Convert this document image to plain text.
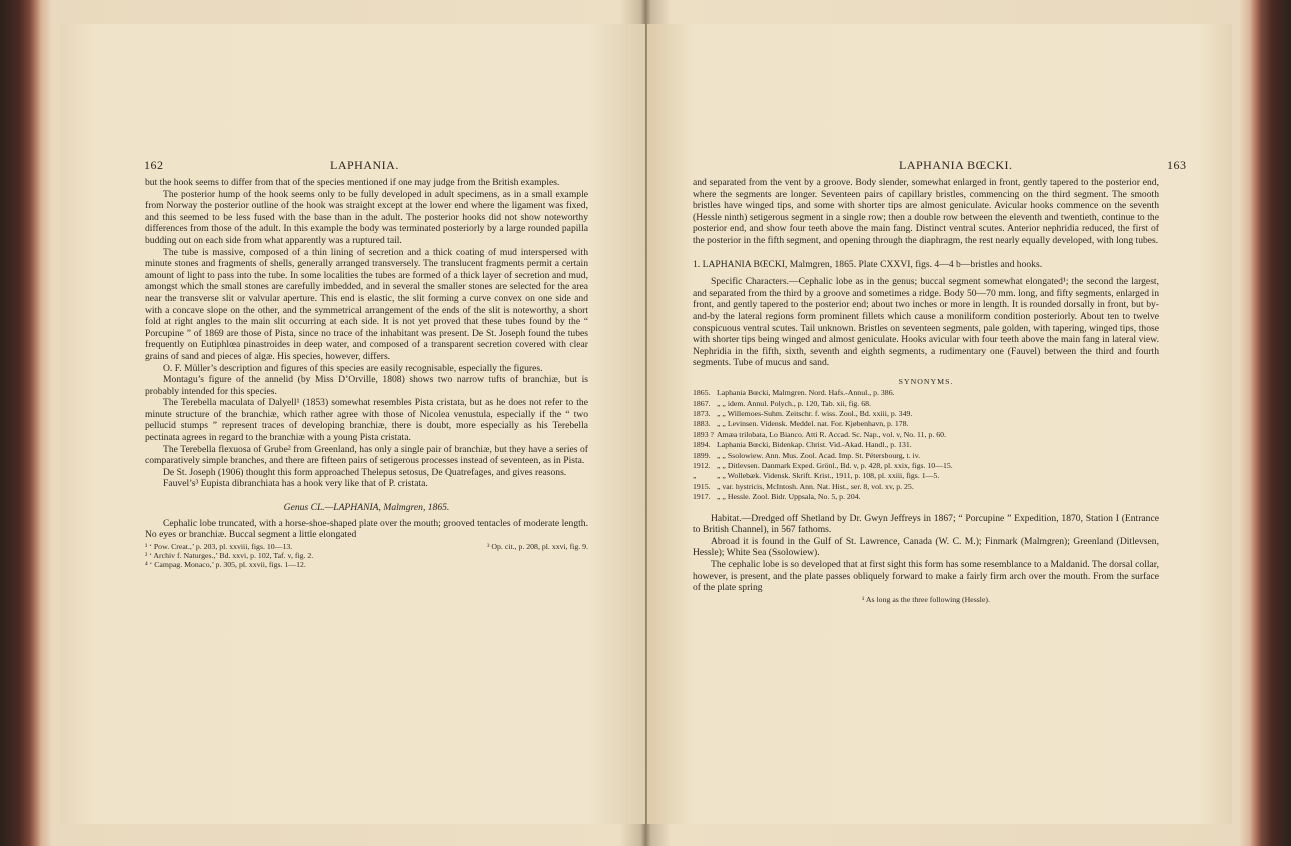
162	LAPHANIA.

but the hook seems to differ from that of the species mentioned if one may judge from the British examples.

The posterior hump of the hook seems only to be fully developed in adult specimens, as in a small example from Norway the posterior outline of the hook was straight except at the lower end where the ligament was fixed, and this seemed to be less fused with the base than in the adult. The posterior hooks did not show noteworthy differences from those of the adult. In this example the body was terminated posteriorly by a large rounded papilla budding out on each side from what apparently was a ruptured tail.

The tube is massive, composed of a thin lining of secretion and a thick coating of mud interspersed with minute stones and fragments of shells, generally arranged transversely. The translucent fragments permit a certain amount of light to pass into the tube. In some localities the tubes are formed of a thick layer of secretion and mud, amongst which the small stones are carefully imbedded, and in several the smaller stones are selected for the area near the transverse slit or valvular aperture. This end is elastic, the slit forming a curve convex on one side and with a concave slope on the other, and the symmetrical arrangement of the ends of the slit is noteworthy, a short fold at right angles to the main slit occurring at each side. It is not yet proved that these tubes found by the “ Porcupine ” of 1869 are those of Pista, since no trace of the inhabitant was present. De St. Joseph found the tubes frequently on Eutiphlœa pinastroides in deep water, and composed of a transparent secretion covered with clear grains of sand and pieces of algæ. His species, however, differs.

O. F. Müller’s description and figures of this species are easily recognisable, especially the figures.

Montagu’s figure of the annelid (by Miss D’Orville, 1808) shows two narrow tufts of branchiæ, but is probably intended for this species.

The Terebella maculata of Dalyell¹ (1853) somewhat resembles Pista cristata, but as he does not refer to the minute structure of the branchiæ, which rather agree with those of Nicolea venustula, especially if the “ two pellucid stumps ” represent traces of developing branchiæ, there is doubt, more especially as his Terebella pectinata agrees in regard to the branchiæ with a young Pista cristata.

The Terebella flexuosa of Grube² from Greenland, has only a single pair of branchiæ, but they have a series of comparatively simple branches, and there are fifteen pairs of setigerous processes instead of seventeen, as in Pista.

De St. Joseph (1906) thought this form approached Thelepus setosus, De Quatrefages, and gives reasons.

Fauvel’s³ Eupista dibranchiata has a hook very like that of P. cristata.

Genus CL.—LAPHANIA, Malmgren, 1865.

Cephalic lobe truncated, with a horse-shoe-shaped plate over the mouth; grooved tentacles of moderate length. No eyes or branchiæ. Buccal segment a little elongated

¹ ‘ Pow. Creat.,’ p. 203, pl. xxviii, figs. 10—13.	³ Op. cit., p. 208, pl. xxvi, fig. 9.
² ‘ Archiv f. Naturges.,’ Bd. xxvi, p. 102, Taf. v, fig. 2.
⁴ ‘ Campag. Monaco,’ p. 305, pl. xxvii, figs. 1—12.
LAPHANIA BŒCKI.	163

and separated from the vent by a groove. Body slender, somewhat enlarged in front, gently tapered to the posterior end, where the segments are longer. Seventeen pairs of capillary bristles, commencing on the third segment. The smooth bristles have winged tips, and some with shorter tips are almost geniculate. Avicular hooks commence on the seventh (Hessle ninth) setigerous segment in a single row; then a double row between the eleventh and twentieth, continue to the posterior end, and show four teeth above the main fang. Distinct ventral scutes. Anterior nephridia reduced, the first of the posterior in the fifth segment, and opening through the diaphragm, the rest nearly equally developed, with long tubes.

1. LAPHANIA BŒCKI, Malmgren, 1865. Plate CXXVI, figs. 4—4 b—bristles and hooks.

Specific Characters.—Cephalic lobe as in the genus; buccal segment somewhat elongated¹; the second the largest, and separated from the third by a groove and sometimes a ridge. Body 50—70 mm. long, and fifty segments, enlarged in front, and gently tapered to the posterior end; about two inches or more in length. It is rounded dorsally in front, but by-and-by the lateral regions form prominent fillets which cause a moniliform condition posteriorly. About ten to twelve conspicuous ventral scutes. Tail unknown. Bristles on seventeen segments, pale golden, with tapering, winged tips, those with shorter tips being winged and almost geniculate. Hooks avicular with four teeth above the main fang in lateral view. Nephridia in the fifth, sixth, seventh and eighth segments, a rudimentary one (Fauvel) between the third and fourth segments. Tube of mucus and sand.

SYNONYMS.

1865. Laphania Bœcki, Malmgren. Nord. Hafs.-Annul., p. 386.
1867. „ „ idem. Annul. Polych., p. 120, Tab. xii, fig. 68.
1873. „ „ Willemoes-Suhm. Zeitschr. f. wiss. Zool., Bd. xxiii, p. 349.
1883. „ „ Levinsen. Vidensk. Meddel. nat. For. Kjøbenhavn, p. 178.
1893 ? Amæa trilobata, Lo Bianco. Atti R. Accad. Sc. Nap., vol. v, No. 11, p. 60.
1894. Laphania Bœcki, Bidenkap. Christ. Vid.-Akad. Handl., p. 131.
1899. „ „ Ssolowiew. Ann. Mus. Zool. Acad. Imp. St. Pétersbourg, t. iv.
1912. „ „ Ditlevsen. Danmark Exped. Grönl., Bd. v, p. 428, pl. xxix, figs. 10—15.
„	„ „ Wollebæk. Vidensk. Skrift. Krist., 1911, p. 108, pl. xxiii, figs. 1—5.
1915. „ var. hystricis, McIntosh. Ann. Nat. Hist., ser. 8, vol. xv, p. 25.
1917. „ „ Hessle. Zool. Bidr. Uppsala, No. 5, p. 204.

Habitat.—Dredged off Shetland by Dr. Gwyn Jeffreys in 1867; “ Porcupine ” Expedition, 1870, Station I (Entrance to British Channel), in 567 fathoms.

Abroad it is found in the Gulf of St. Lawrence, Canada (W. C. M.); Finmark (Malmgren); Greenland (Ditlevsen, Hessle); White Sea (Ssolowiew).

The cephalic lobe is so developed that at first sight this form has some resemblance to a Maldanid. The dorsal collar, however, is present, and the plate passes obliquely forward to make a fairly firm arch over the mouth. From the surface of the plate spring

¹ As long as the three following (Hessle).
